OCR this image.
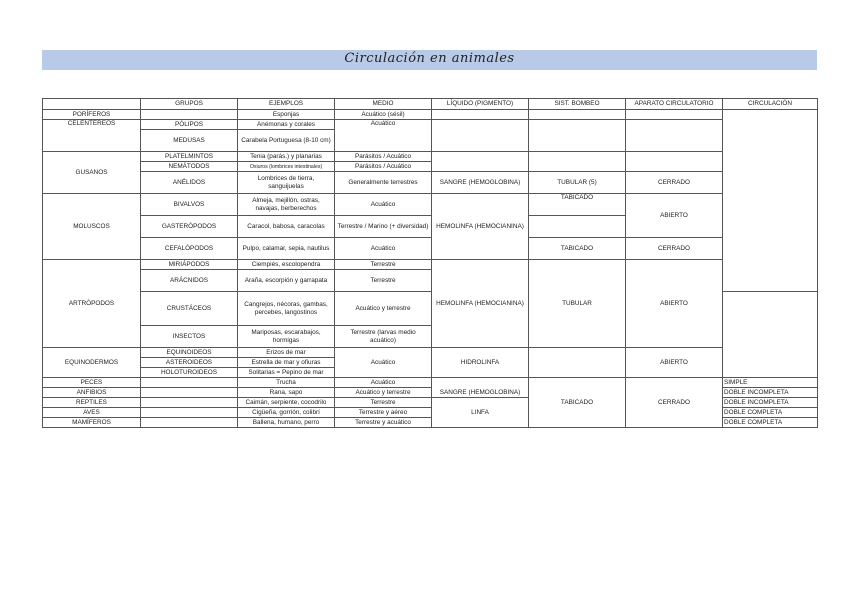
Circulación en animales
	GRUPOS	EJEMPLOS	MEDIO	LÍQUIDO (PIGMENTO)	SIST. BOMBEO	APARATO CIRCULATORIO	CIRCULACIÓN	
PORÍFEROS		Esponjas	Acuático (sésil)					
CELENTÉREOS	PÓLIPOS	Anémonas y corales	Acuático					
	MEDUSAS	Carabela Portuguesa (8-10 cm)						
GUSANOS	PLATELMINTOS	Tenia (parás.) y planarias	Parásitos / Acuático					
	NEMÁTODOS	Oxiuros (lombrices intestinales)	Parásitos / Acuático					
	ANÉLIDOS	Lombrices de tierra, sanguijuelas	Generalmente terrestres	SANGRE (HEMOGLOBINA)	TUBULAR (5)	CERRADO		
MOLUSCOS	BIVALVOS	Almeja, mejillón, ostras, navajas, berberechos	Acuático	HEMOLINFA (HEMOCIANINA)	TABICADO	ABIERTO		
	GASTERÓPODOS	Caracol, babosa, caracolas	Terrestre / Marino (+ diversidad)					
	CEFALÓPODOS	Pulpo, calamar, sepia, nautilus	Acuático		TABICADO	CERRADO		
ARTRÓPODOS	MIRIÁPODOS	Ciempiés, escolopendra	Terrestre	HEMOLINFA (HEMOCIANINA)	TUBULAR	ABIERTO		
	ARÁCNIDOS	Araña, escorpión y garrapata	Terrestre					
	CRUSTÁCEOS	Cangrejos, nécoras, gambas, percebes, langostinos	Acuático y terrestre					
	INSECTOS	Mariposas, escarabajos, hormigas	Terrestre (larvas medio acuático)					
EQUINODERMOS	EQUINOIDEOS	Erizos de mar	Acuático	HIDROLINFA		ABIERTO		
	ASTEROIDEOS	Estrella de mar y ofiuras						
	HOLOTUROIDEOS	Solitarias = Pepino de mar						
PECES		Trucha	Acuático	SANGRE (HEMOGLOBINA)	TABICADO	CERRADO	SIMPLE	
ANFIBIOS		Rana, sapo	Acuático y terrestre				DOBLE INCOMPLETA	
REPTILES		Caimán, serpiente, cocodrilo	Terrestre	LINFA			DOBLE INCOMPLETA	
AVES		Cigüeña, gorrión, colibrí	Terrestre y aéreo				DOBLE COMPLETA	
MAMÍFEROS		Ballena, humano, perro	Terrestre y acuático				DOBLE COMPLETA	
